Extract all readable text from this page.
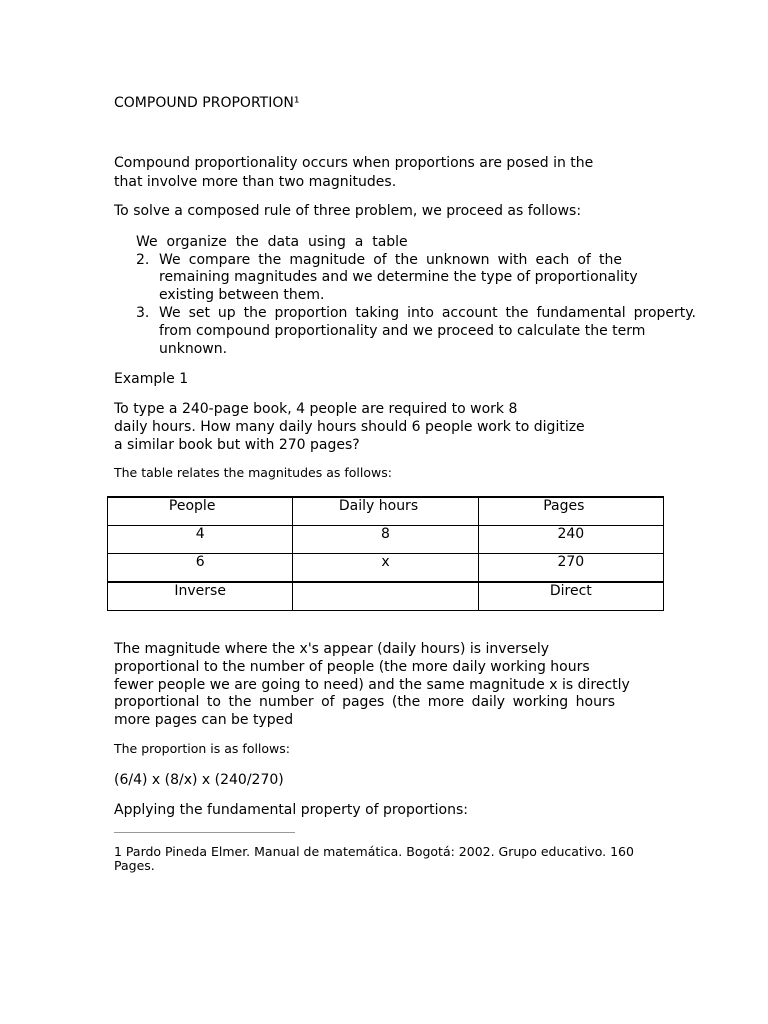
COMPOUND PROPORTION¹
Compound proportionality occurs when proportions are posed in the
that involve more than two magnitudes.
To solve a composed rule of three problem, we proceed as follows:
We  organize  the  data  using  a  table
2. We compare the magnitude of the unknown with each of the
remaining magnitudes and we determine the type of proportionality
existing between them.
3. We set up the proportion taking into account the fundamental property.
from compound proportionality and we proceed to calculate the term
unknown.
Example 1
To type a 240-page book, 4 people are required to work 8
daily hours. How many daily hours should 6 people work to digitize
a similar book but with 270 pages?
The table relates the magnitudes as follows:
People	Daily hours	Pages
4	8	240
6	x	270
Inverse		Direct
The magnitude where the x's appear (daily hours) is inversely
proportional to the number of people (the more daily working hours
fewer people we are going to need) and the same magnitude x is directly
proportional to the number of pages (the more daily working hours
more pages can be typed
The proportion is as follows:
(6/4) x (8/x) x (240/270)
Applying the fundamental property of proportions:
1 Pardo Pineda Elmer. Manual de matemática. Bogotá: 2002. Grupo educativo. 160
Pages.
